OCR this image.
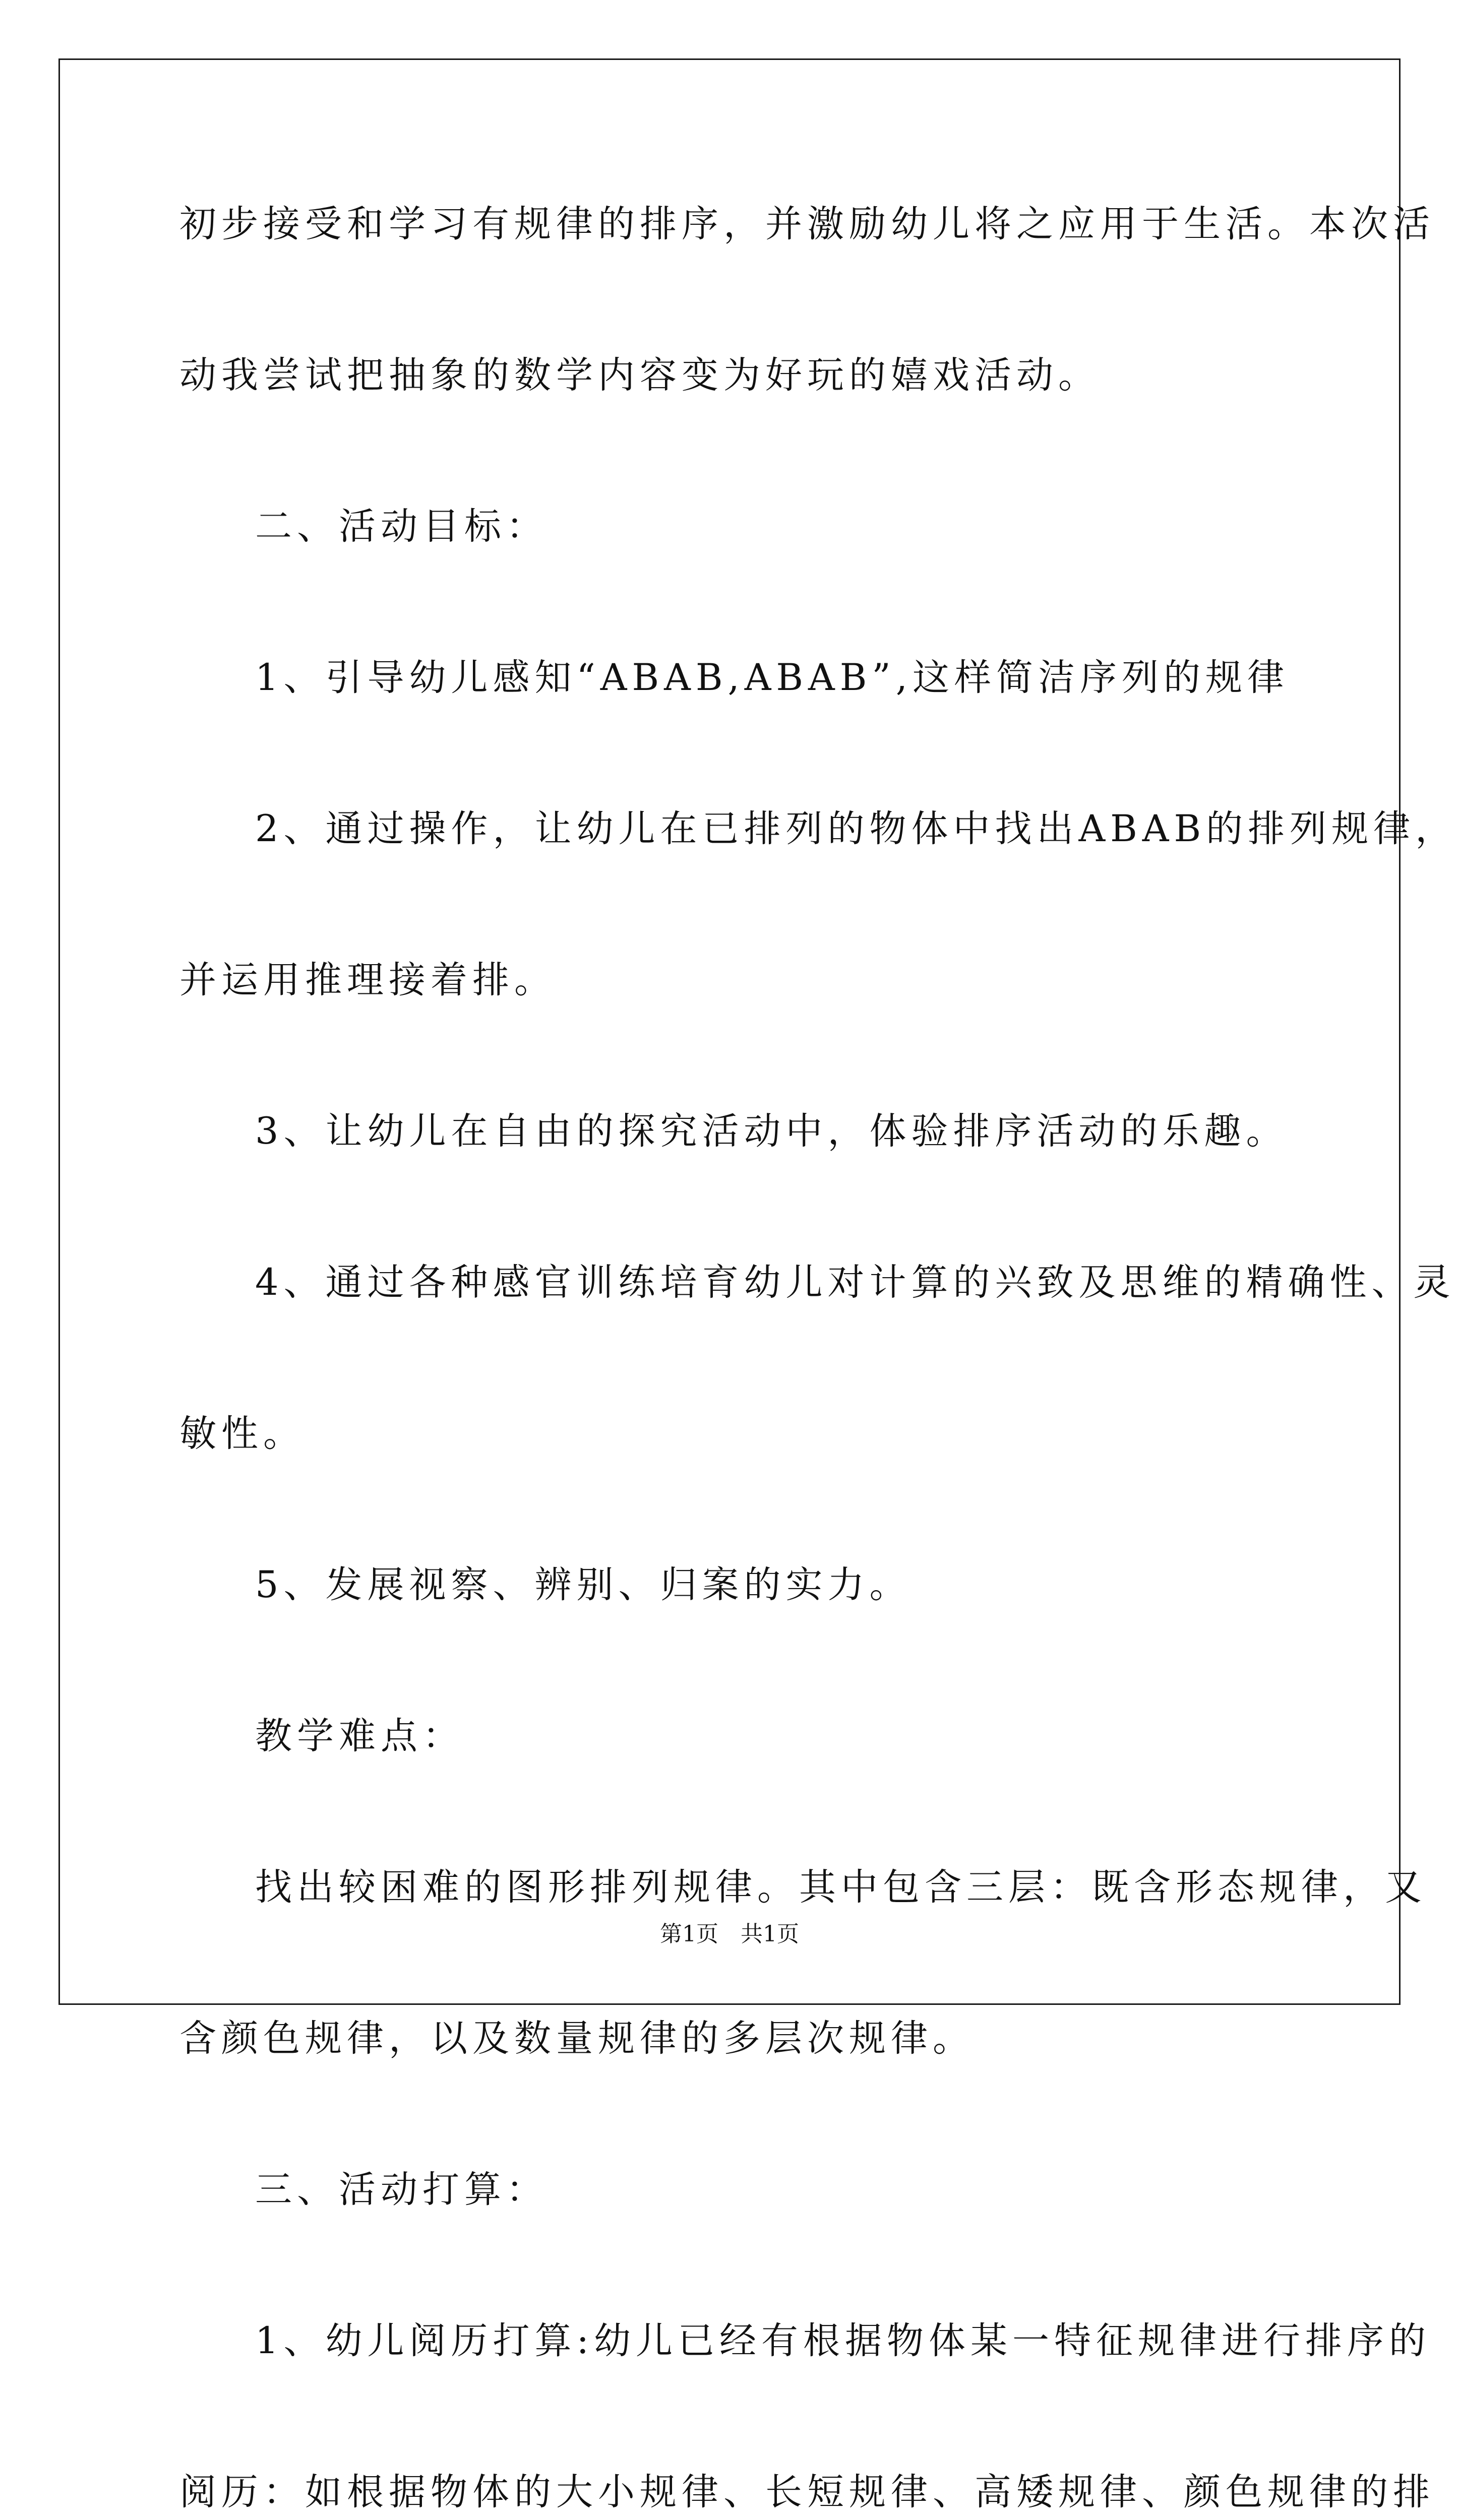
初步接受和学习有规律的排序，并激励幼儿将之应用于生活。本次活
动我尝试把抽象的数学内容变为好玩的嬉戏活动。
二、活动目标：
1、引导幼儿感知“ABAB,ABAB”,这样简洁序列的规律
2、通过操作，让幼儿在已排列的物体中找出ABAB的排列规律，
并运用推理接着排。
3、让幼儿在自由的探究活动中，体验排序活动的乐趣。
4、通过各种感官训练培育幼儿对计算的兴致及思维的精确性、灵
敏性。
5、发展视察、辨别、归案的实力。
教学难点：
找出较困难的图形排列规律。其中包含三层：既含形态规律，又
含颜色规律，以及数量规律的多层次规律。
三、活动打算：
1、幼儿阅历打算:幼儿已经有根据物体某一特征规律进行排序的
阅历：如根据物体的大小规律、长短规律、高矮规律、颜色规律的排
第1页　共1页
